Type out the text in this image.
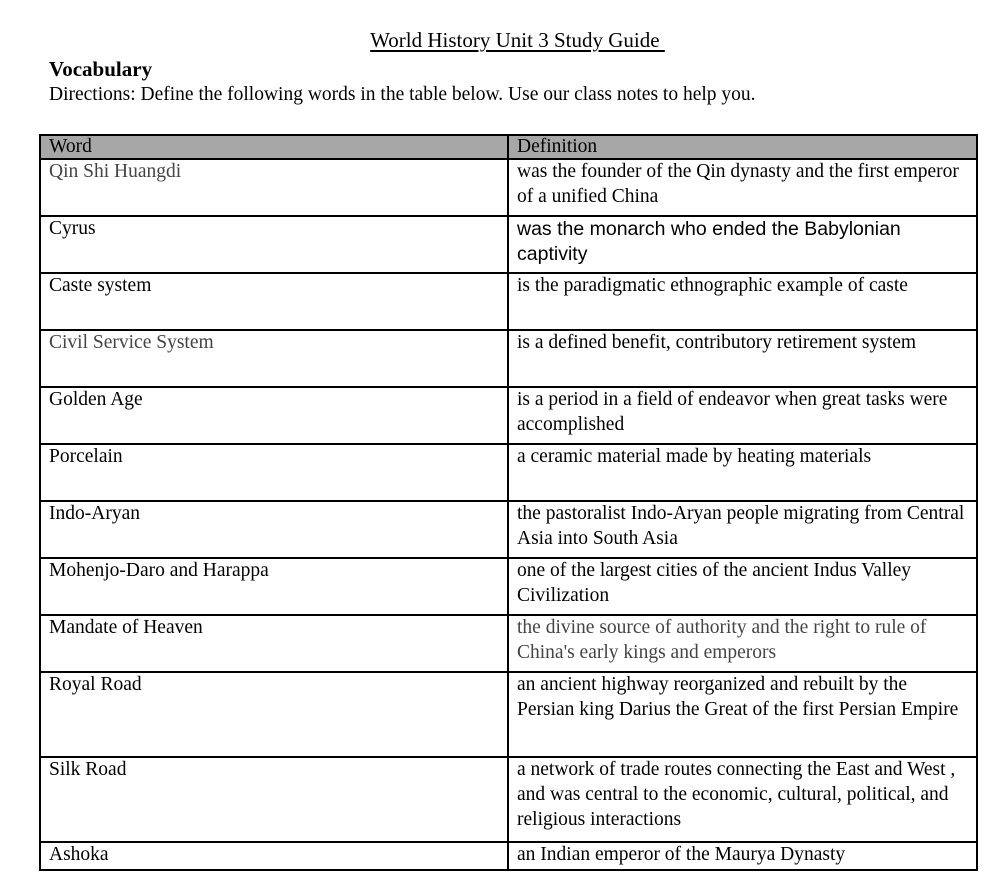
World History Unit 3 Study Guide
Vocabulary
Directions: Define the following words in the table below. Use our class notes to help you.
Word	Definition
Qin Shi Huangdi	was the founder of the Qin dynasty and the first emperor of a unified China
Cyrus	was the monarch who ended the Babylonian captivity
Caste system	is the paradigmatic ethnographic example of caste
Civil Service System	is a defined benefit, contributory retirement system
Golden Age	is a period in a field of endeavor when great tasks were accomplished
Porcelain	a ceramic material made by heating materials
Indo-Aryan	the pastoralist Indo-Aryan people migrating from Central Asia into South Asia
Mohenjo-Daro and Harappa	one of the largest cities of the ancient Indus Valley Civilization
Mandate of Heaven	the divine source of authority and the right to rule of China's early kings and emperors
Royal Road	an ancient highway reorganized and rebuilt by the Persian king Darius the Great of the first Persian Empire
Silk Road	a network of trade routes connecting the East and West , and was central to the economic, cultural, political, and religious interactions
Ashoka	an Indian emperor of the Maurya Dynasty
